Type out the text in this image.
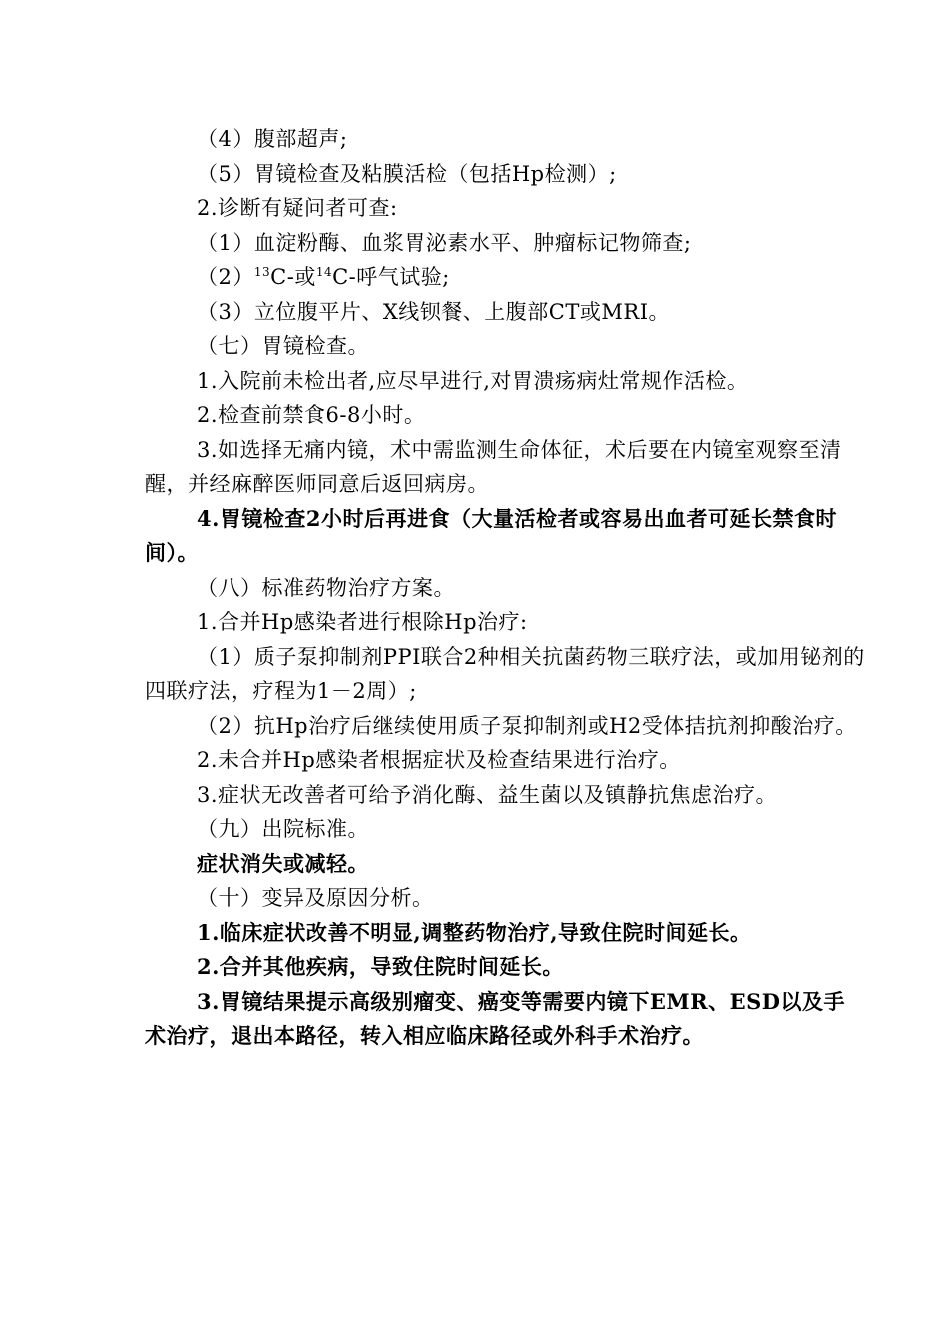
（4）腹部超声;

（5）胃镜检查及粘膜活检（包括Hp检测）;

2.诊断有疑问者可查:

（1）血淀粉酶、血浆胃泌素水平、肿瘤标记物筛查;

$(2)^{13}C-$或$^{14}$C-呼气试验;

（3）立位腹平片、X线钡餐、上腹部CT或MRI。

（七）胃镜检查。

1.入院前未检出者,应尽早进行,对胃溃疡病灶常规作活检。

2.检查前禁食6-8小时。

3.如选择无痛内镜，术中需监测生命体征，术后要在内镜室观察至清醒，并经麻醉医师同意后返回病房。

4.胃镜检查2小时后再进食（大量活检者或容易出血者可延长禁食时间）。

（八）标准药物治疗方案。

1.合并Hp感染者进行根除Hp治疗:

（1）质子泵抑制剂PPI联合2种相关抗菌药物三联疗法，或加用铋剂的四联疗法，疗程为1－2周）;

（2）抗Hp治疗后继续使用质子泵抑制剂或H2受体拮抗剂抑酸治疗。

2.未合并Hp感染者根据症状及检查结果进行治疗。

3.症状无改善者可给予消化酶、益生菌以及镇静抗焦虑治疗。

（九）出院标准。

症状消失或减轻。

（十）变异及原因分析。

1.临床症状改善不明显,调整药物治疗,导致住院时间延长。

2.合并其他疾病，导致住院时间延长。

3.胃镜结果提示高级别瘤变、癌变等需要内镜下EMR、ESD以及手术治疗，退出本路径，转入相应临床路径或外科手术治疗。
